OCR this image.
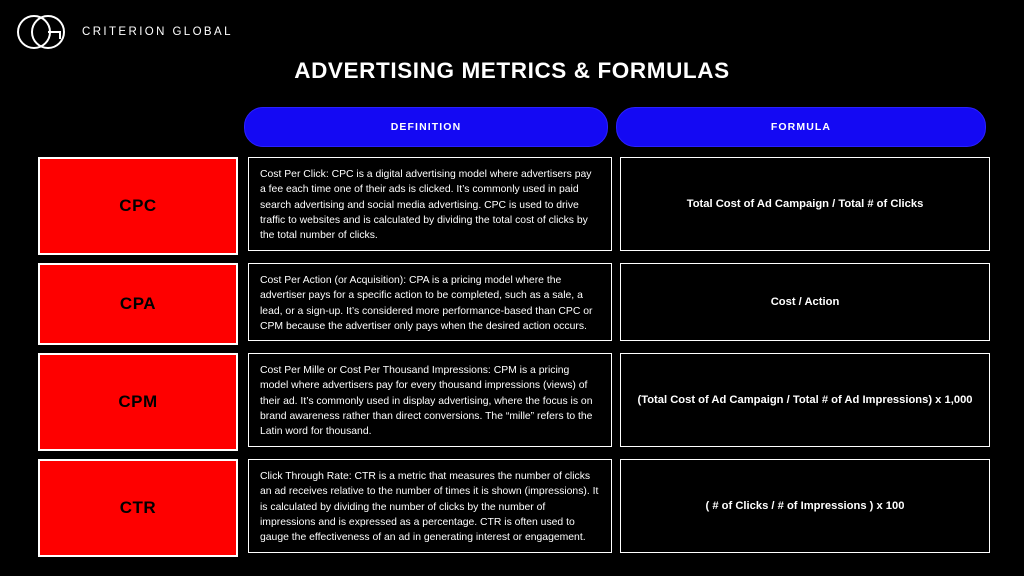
CRITERION GLOBAL
ADVERTISING METRICS & FORMULAS
DEFINITION	FORMULA
CPC
Cost Per Click: CPC is a digital advertising model where advertisers pay a fee each time one of their ads is clicked. It’s commonly used in paid search advertising and social media advertising. CPC is used to drive traffic to websites and is calculated by dividing the total cost of clicks by the total number of clicks.
Total Cost of Ad Campaign / Total # of Clicks
CPA
Cost Per Action (or Acquisition): CPA is a pricing model where the advertiser pays for a specific action to be completed, such as a sale, a lead, or a sign-up. It’s considered more performance-based than CPC or CPM because the advertiser only pays when the desired action occurs.
Cost / Action
CPM
Cost Per Mille or Cost Per Thousand Impressions: CPM is a pricing model where advertisers pay for every thousand impressions (views) of their ad. It’s commonly used in display advertising, where the focus is on brand awareness rather than direct conversions. The “mille” refers to the Latin word for thousand.
(Total Cost of Ad Campaign / Total # of Ad Impressions) x 1,000
CTR
Click Through Rate: CTR is a metric that measures the number of clicks an ad receives relative to the number of times it is shown (impressions). It is calculated by dividing the number of clicks by the number of impressions and is expressed as a percentage. CTR is often used to gauge the effectiveness of an ad in generating interest or engagement.
( # of Clicks / # of Impressions ) x 100
